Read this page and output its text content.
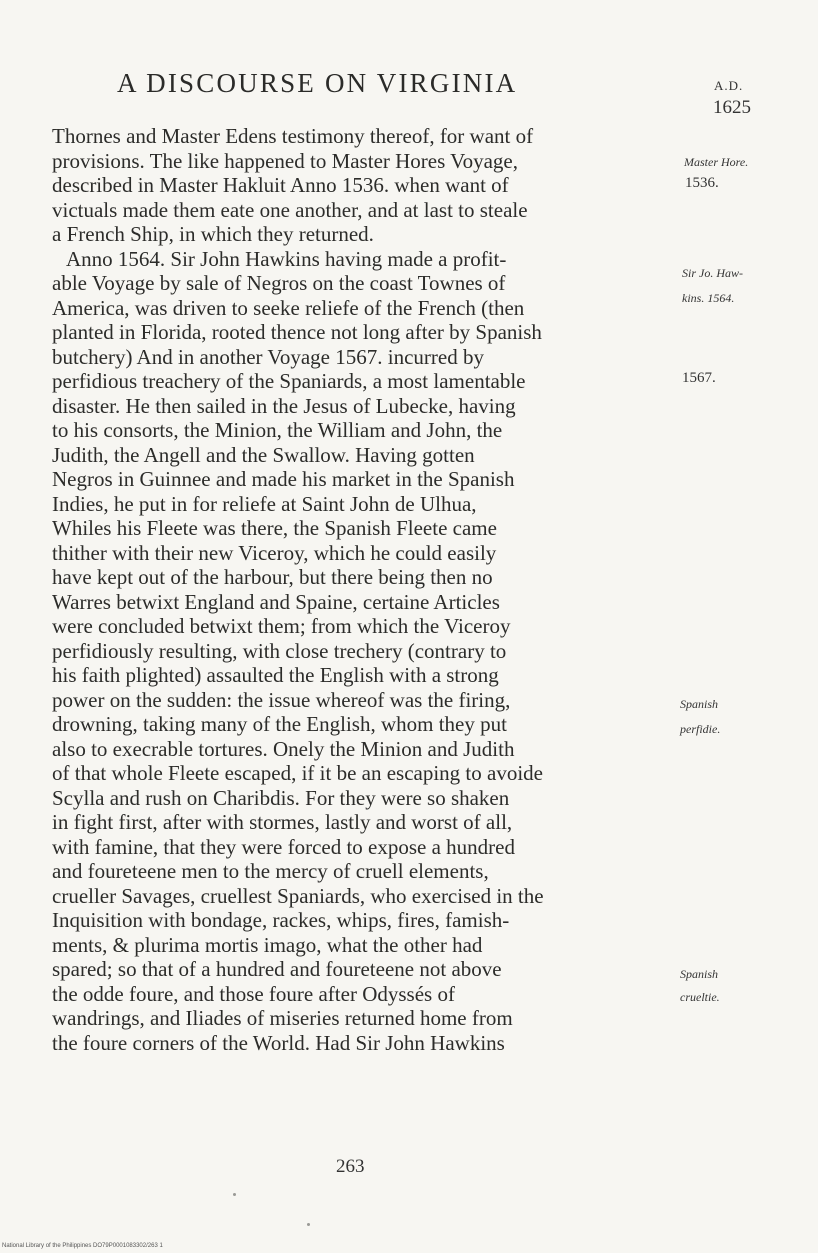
A DISCOURSE ON VIRGINIA	A.D.
1625
Thornes and Master Edens testimony thereof, for want of
provisions. The like happened to Master Hores Voyage,
described in Master Hakluit Anno 1536. when want of
victuals made them eate one another, and at last to steale
a French Ship, in which they returned.
Anno 1564. Sir John Hawkins having made a profit-
able Voyage by sale of Negros on the coast Townes of
America, was driven to seeke reliefe of the French (then
planted in Florida, rooted thence not long after by Spanish
butchery) And in another Voyage 1567. incurred by
perfidious treachery of the Spaniards, a most lamentable
disaster. He then sailed in the Jesus of Lubecke, having
to his consorts, the Minion, the William and John, the
Judith, the Angell and the Swallow. Having gotten
Negros in Guinnee and made his market in the Spanish
Indies, he put in for reliefe at Saint John de Ulhua,
Whiles his Fleete was there, the Spanish Fleete came
thither with their new Viceroy, which he could easily
have kept out of the harbour, but there being then no
Warres betwixt England and Spaine, certaine Articles
were concluded betwixt them; from which the Viceroy
perfidiously resulting, with close trechery (contrary to
his faith plighted) assaulted the English with a strong
power on the sudden: the issue whereof was the firing,
drowning, taking many of the English, whom they put
also to execrable tortures. Onely the Minion and Judith
of that whole Fleete escaped, if it be an escaping to avoide
Scylla and rush on Charibdis. For they were so shaken
in fight first, after with stormes, lastly and worst of all,
with famine, that they were forced to expose a hundred
and foureteene men to the mercy of cruell elements,
crueller Savages, cruellest Spaniards, who exercised in the
Inquisition with bondage, rackes, whips, fires, famish-
ments, & plurima mortis imago, what the other had
spared; so that of a hundred and foureteene not above
the odde foure, and those foure after Odyssés of
wandrings, and Iliades of miseries returned home from
the foure corners of the World. Had Sir John Hawkins
Master Hore.
1536.
Sir Jo. Haw-
kins. 1564.
1567.
Spanish
perfidie.
Spanish
crueltie.
263
National Library of the Philippines DO79P0001083302/263 1
